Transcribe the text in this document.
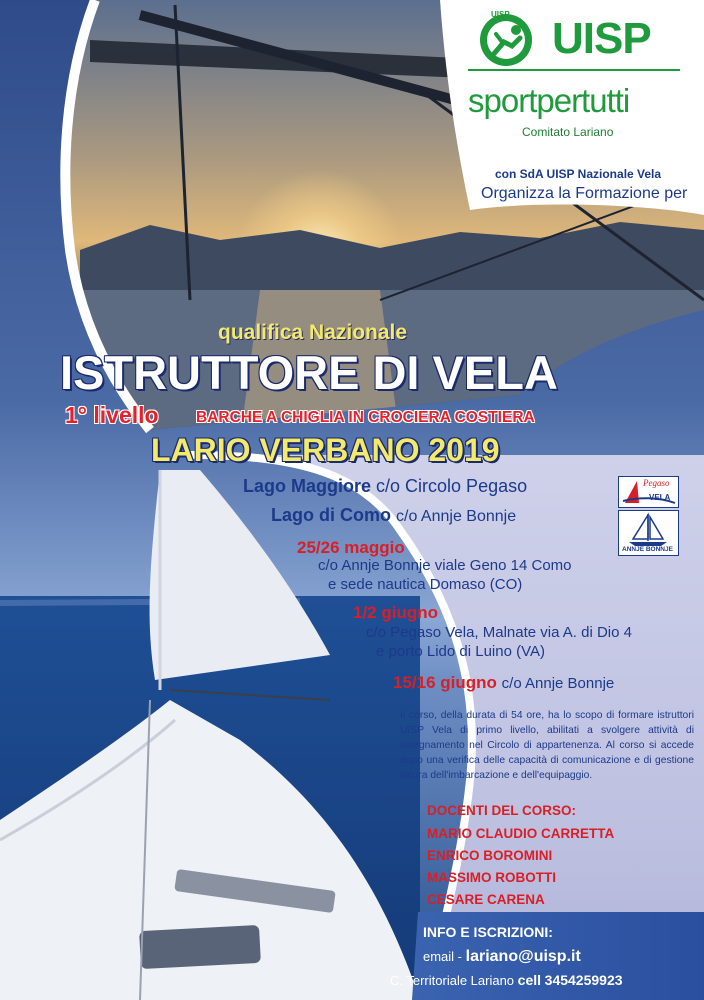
UISP UISP
sportpertutti
Comitato Lariano
con SdA UISP Nazionale Vela
Organizza la Formazione per
qualifica Nazionale
ISTRUTTORE DI VELA
1° livello BARCHE A CHIGLIA IN CROCIERA COSTIERA
LARIO VERBANO 2019
Lago Maggiore c/o Circolo Pegaso
Lago di Como c/o Annje Bonnje
Pegaso
VELA
ANNJE BONNJE
25/26 maggio
c/o Annje Bonnje viale Geno 14 Como
e sede nautica Domaso (CO)
1/2 giugno
c/o Pegaso Vela, Malnate via A. di Dio 4
e porto Lido di Luino (VA)
15/16 giugno c/o Annje Bonnje
Il corso, della durata di 54 ore, ha lo scopo di formare istruttori UISP Vela di primo livello, abilitati a svolgere attività di insegnamento nel Circolo di appartenenza. Al corso si accede dopo una verifica delle capacità di comunicazione e di gestione sicura dell'imbarcazione e dell'equipaggio.
DOCENTI DEL CORSO:
MARIO CLAUDIO CARRETTA
ENRICO BOROMINI
MASSIMO ROBOTTI
CESARE CARENA
INFO E ISCRIZIONI:
email - lariano@uisp.it
C. Territoriale Lariano cell 3454259923
